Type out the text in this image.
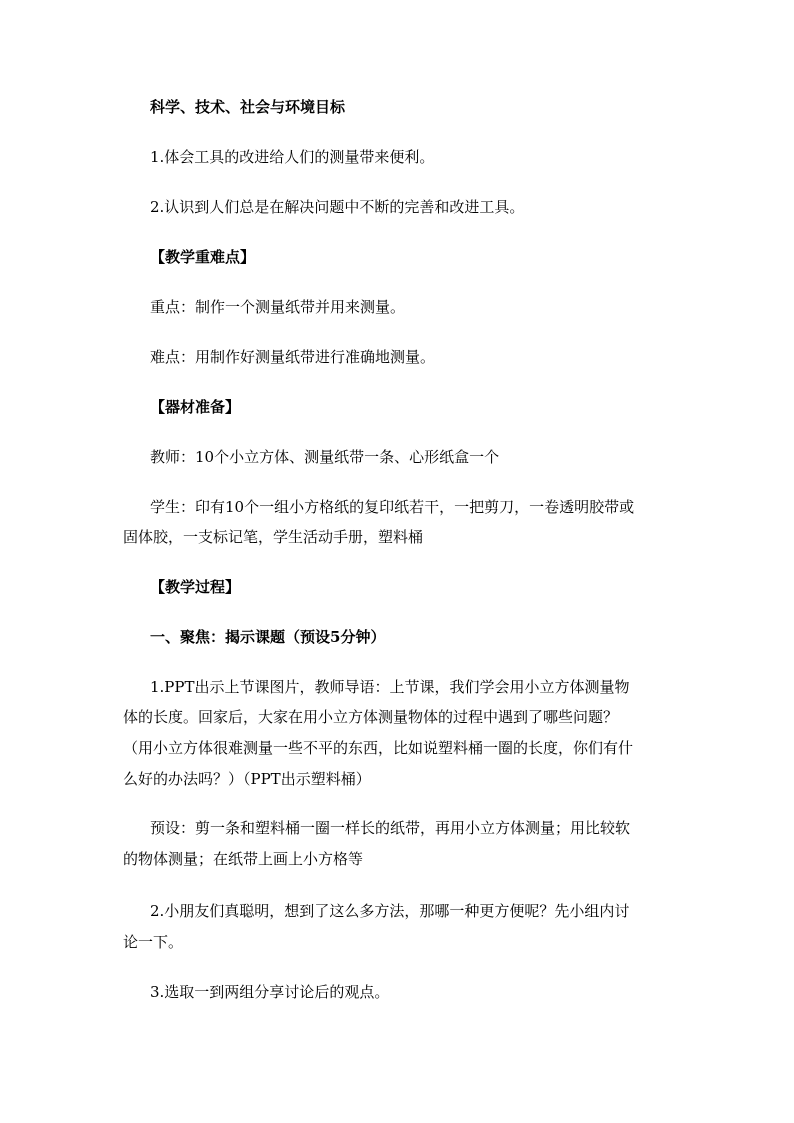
科学、技术、社会与环境目标
1.体会工具的改进给人们的测量带来便利。
2.认识到人们总是在解决问题中不断的完善和改进工具。
【教学重难点】
重点：制作一个测量纸带并用来测量。
难点：用制作好测量纸带进行准确地测量。
【器材准备】
教师：10个小立方体、测量纸带一条、心形纸盒一个
学生：印有10个一组小方格纸的复印纸若干，一把剪刀，一卷透明胶带或
固体胶，一支标记笔，学生活动手册，塑料桶
【教学过程】
一、聚焦：揭示课题（预设5分钟）
1.PPT出示上节课图片，教师导语：上节课，我们学会用小立方体测量物
体的长度。回家后，大家在用小立方体测量物体的过程中遇到了哪些问题？
（用小立方体很难测量一些不平的东西，比如说塑料桶一圈的长度，你们有什
么好的办法吗？）（PPT出示塑料桶）
预设：剪一条和塑料桶一圈一样长的纸带，再用小立方体测量；用比较软
的物体测量；在纸带上画上小方格等
2.小朋友们真聪明，想到了这么多方法，那哪一种更方便呢？先小组内讨
论一下。
3.选取一到两组分享讨论后的观点。
